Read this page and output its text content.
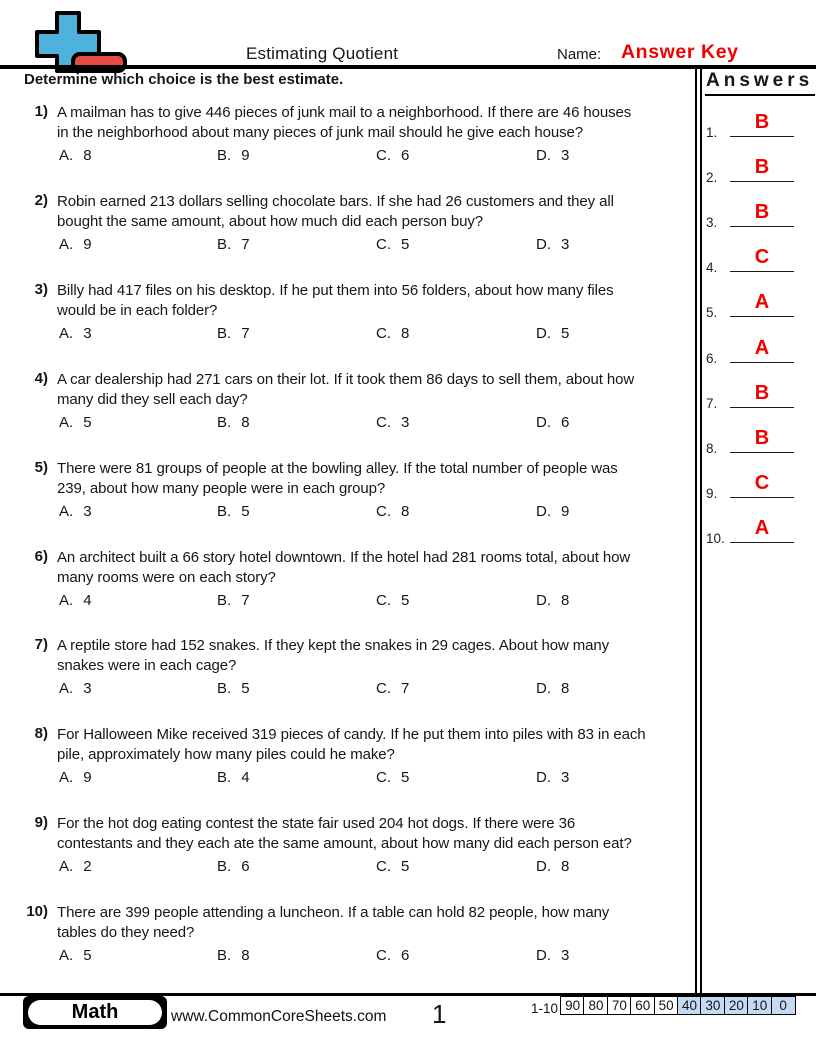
Estimating Quotient	Name: Answer Key
Determine which choice is the best estimate.	Answers
1.	B
2.	B
3.	B
4.	C
5.	A
6.	A
7.	B
8.	B
9.	C
10.	A
1) A mailman has to give 446 pieces of junk mail to a neighborhood. If there are 46 houses
in the neighborhood about many pieces of junk mail should he give each house?
A. 8	B. 9	C. 6	D. 3
2) Robin earned 213 dollars selling chocolate bars. If she had 26 customers and they all
bought the same amount, about how much did each person buy?
A. 9	B. 7	C. 5	D. 3
3) Billy had 417 files on his desktop. If he put them into 56 folders, about how many files
would be in each folder?
A. 3	B. 7	C. 8	D. 5
4) A car dealership had 271 cars on their lot. If it took them 86 days to sell them, about how
many did they sell each day?
A. 5	B. 8	C. 3	D. 6
5) There were 81 groups of people at the bowling alley. If the total number of people was
239, about how many people were in each group?
A. 3	B. 5	C. 8	D. 9
6) An architect built a 66 story hotel downtown. If the hotel had 281 rooms total, about how
many rooms were on each story?
A. 4	B. 7	C. 5	D. 8
7) A reptile store had 152 snakes. If they kept the snakes in 29 cages. About how many
snakes were in each cage?
A. 3	B. 5	C. 7	D. 8
8) For Halloween Mike received 319 pieces of candy. If he put them into piles with 83 in each
pile, approximately how many piles could he make?
A. 9	B. 4	C. 5	D. 3
9) For the hot dog eating contest the state fair used 204 hot dogs. If there were 36
contestants and they each ate the same amount, about how many did each person eat?
A. 2	B. 6	C. 5	D. 8
10) There are 399 people attending a luncheon. If a table can hold 82 people, how many
tables do they need?
A. 5	B. 8	C. 6	D. 3
Math	www.CommonCoreSheets.com 1	1-10 90 80 70 60 50 40 30 20 10 0
